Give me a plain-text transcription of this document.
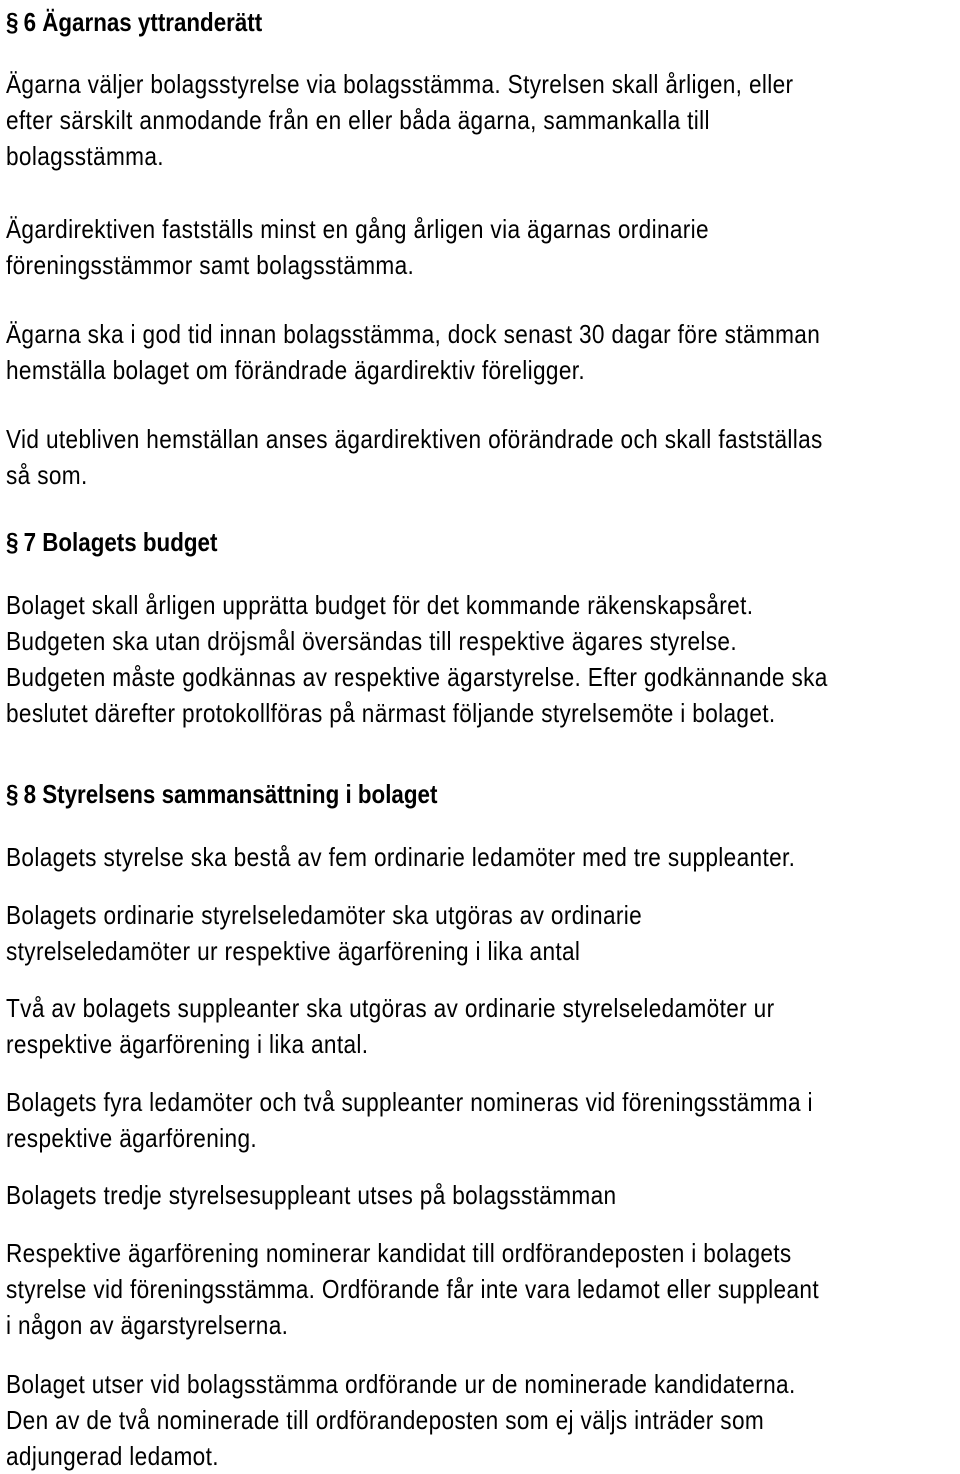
§ 6 Ägarnas yttranderätt

Ägarna väljer bolagsstyrelse via bolagsstämma. Styrelsen skall årligen, eller
efter särskilt anmodande från en eller båda ägarna, sammankalla till
bolagsstämma.

Ägardirektiven fastställs minst en gång årligen via ägarnas ordinarie
föreningsstämmor samt bolagsstämma.

Ägarna ska i god tid innan bolagsstämma, dock senast 30 dagar före stämman
hemställa bolaget om förändrade ägardirektiv föreligger.

Vid utebliven hemställan anses ägardirektiven oförändrade och skall fastställas
så som.

§ 7 Bolagets budget

Bolaget skall årligen upprätta budget för det kommande räkenskapsåret.
Budgeten ska utan dröjsmål översändas till respektive ägares styrelse.
Budgeten måste godkännas av respektive ägarstyrelse. Efter godkännande ska
beslutet därefter protokollföras på närmast följande styrelsemöte i bolaget.

§ 8 Styrelsens sammansättning i bolaget

Bolagets styrelse ska bestå av fem ordinarie ledamöter med tre suppleanter.

Bolagets ordinarie styrelseledamöter ska utgöras av ordinarie
styrelseledamöter ur respektive ägarförening i lika antal

Två av bolagets suppleanter ska utgöras av ordinarie styrelseledamöter ur
respektive ägarförening i lika antal.

Bolagets fyra ledamöter och två suppleanter nomineras vid föreningsstämma i
respektive ägarförening.

Bolagets tredje styrelsesuppleant utses på bolagsstämman

Respektive ägarförening nominerar kandidat till ordförandeposten i bolagets
styrelse vid föreningsstämma. Ordförande får inte vara ledamot eller suppleant
i någon av ägarstyrelserna.

Bolaget utser vid bolagsstämma ordförande ur de nominerade kandidaterna.
Den av de två nominerade till ordförandeposten som ej väljs inträder som
adjungerad ledamot.
